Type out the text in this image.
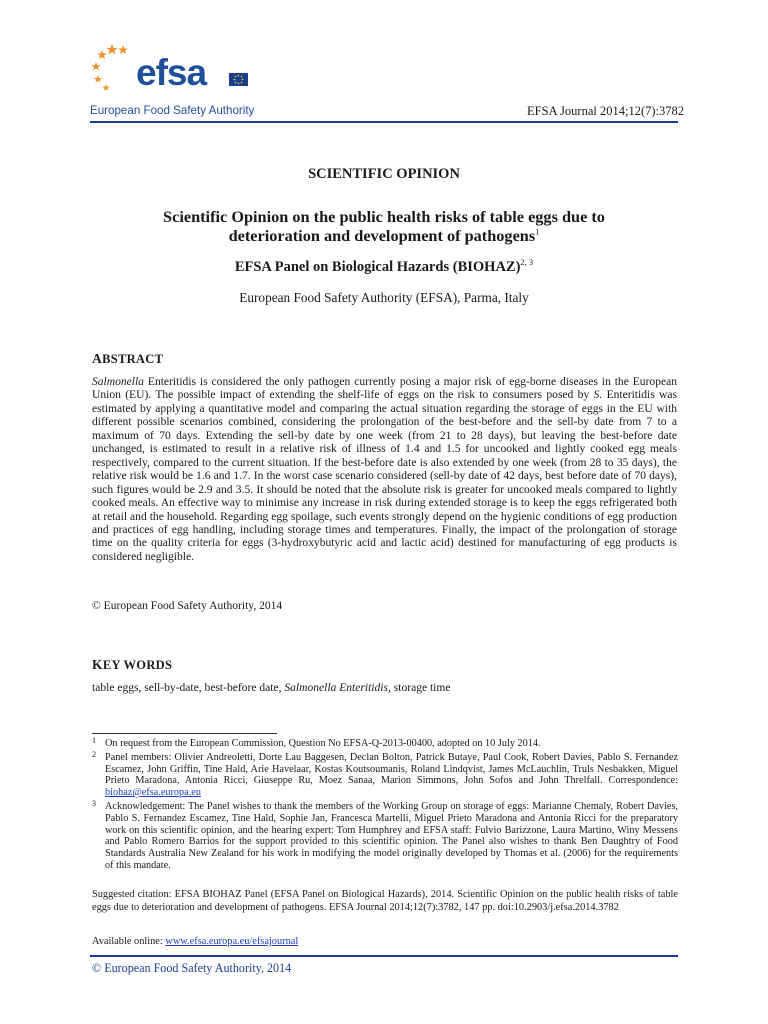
efsa
European Food Safety Authority	EFSA Journal 2014;12(7):3782
SCIENTIFIC OPINION
Scientific Opinion on the public health risks of table eggs due to
deterioration and development of pathogens$^1$
EFSA Panel on Biological Hazards (BIOHAZ)$^{2, 3}$
European Food Safety Authority (EFSA), Parma, Italy
ABSTRACT

Salmonella Enteritidis is considered the only pathogen currently posing a major risk of egg-borne diseases in the European Union (EU). The possible impact of extending the shelf-life of eggs on the risk to consumers posed by S. Enteritidis was estimated by applying a quantitative model and comparing the actual situation regarding the storage of eggs in the EU with different possible scenarios combined, considering the prolongation of the best-before and the sell-by date from 7 to a maximum of 70 days. Extending the sell-by date by one week (from 21 to 28 days), but leaving the best-before date unchanged, is estimated to result in a relative risk of illness of 1.4 and 1.5 for uncooked and lightly cooked egg meals respectively, compared to the current situation. If the best-before date is also extended by one week (from 28 to 35 days), the relative risk would be 1.6 and 1.7. In the worst case scenario considered (sell-by date of 42 days, best before date of 70 days), such figures would be 2.9 and 3.5. It should be noted that the absolute risk is greater for uncooked meals compared to lightly cooked meals. An effective way to minimise any increase in risk during extended storage is to keep the eggs refrigerated both at retail and the household. Regarding egg spoilage, such events strongly depend on the hygienic conditions of egg production and practices of egg handling, including storage times and temperatures. Finally, the impact of the prolongation of storage time on the quality criteria for eggs (3-hydroxybutyric acid and lactic acid) destined for manufacturing of egg products is considered negligible.

© European Food Safety Authority, 2014
KEY WORDS
table eggs, sell-by-date, best-before date, Salmonella Enteritidis, storage time
1 On request from the European Commission, Question No EFSA-Q-2013-00400, adopted on 10 July 2014.
2 Panel members: Olivier Andreoletti, Dorte Lau Baggesen, Declan Bolton, Patrick Butaye, Paul Cook, Robert Davies, Pablo S. Fernandez Escamez, John Griffin, Tine Hald, Arie Havelaar, Kostas Koutsoumanis, Roland Lindqvist, James McLauchlin, Truls Nesbakken, Miguel Prieto Maradona, Antonia Ricci, Giuseppe Ru, Moez Sanaa, Marion Simmons, John Sofos and John Threlfall. Correspondence: biohaz@efsa.europa.eu
3 Acknowledgement: The Panel wishes to thank the members of the Working Group on storage of eggs: Marianne Chemaly, Robert Davies, Pablo S. Fernandez Escamez, Tine Hald, Sophie Jan, Francesca Martelli, Miguel Prieto Maradona and Antonia Ricci for the preparatory work on this scientific opinion, and the hearing expert: Tom Humphrey and EFSA staff: Fulvio Barizzone, Laura Martino, Winy Messens and Pablo Romero Barrios for the support provided to this scientific opinion. The Panel also wishes to thank Ben Daughtry of Food Standards Australia New Zealand for his work in modifying the model originally developed by Thomas et al. (2006) for the requirements of this mandate.
Suggested citation: EFSA BIOHAZ Panel (EFSA Panel on Biological Hazards), 2014. Scientific Opinion on the public health risks of table eggs due to deterioration and development of pathogens. EFSA Journal 2014;12(7):3782, 147 pp. doi:10.2903/j.efsa.2014.3782
Available online: www.efsa.europa.eu/efsajournal
© European Food Safety Authority, 2014
